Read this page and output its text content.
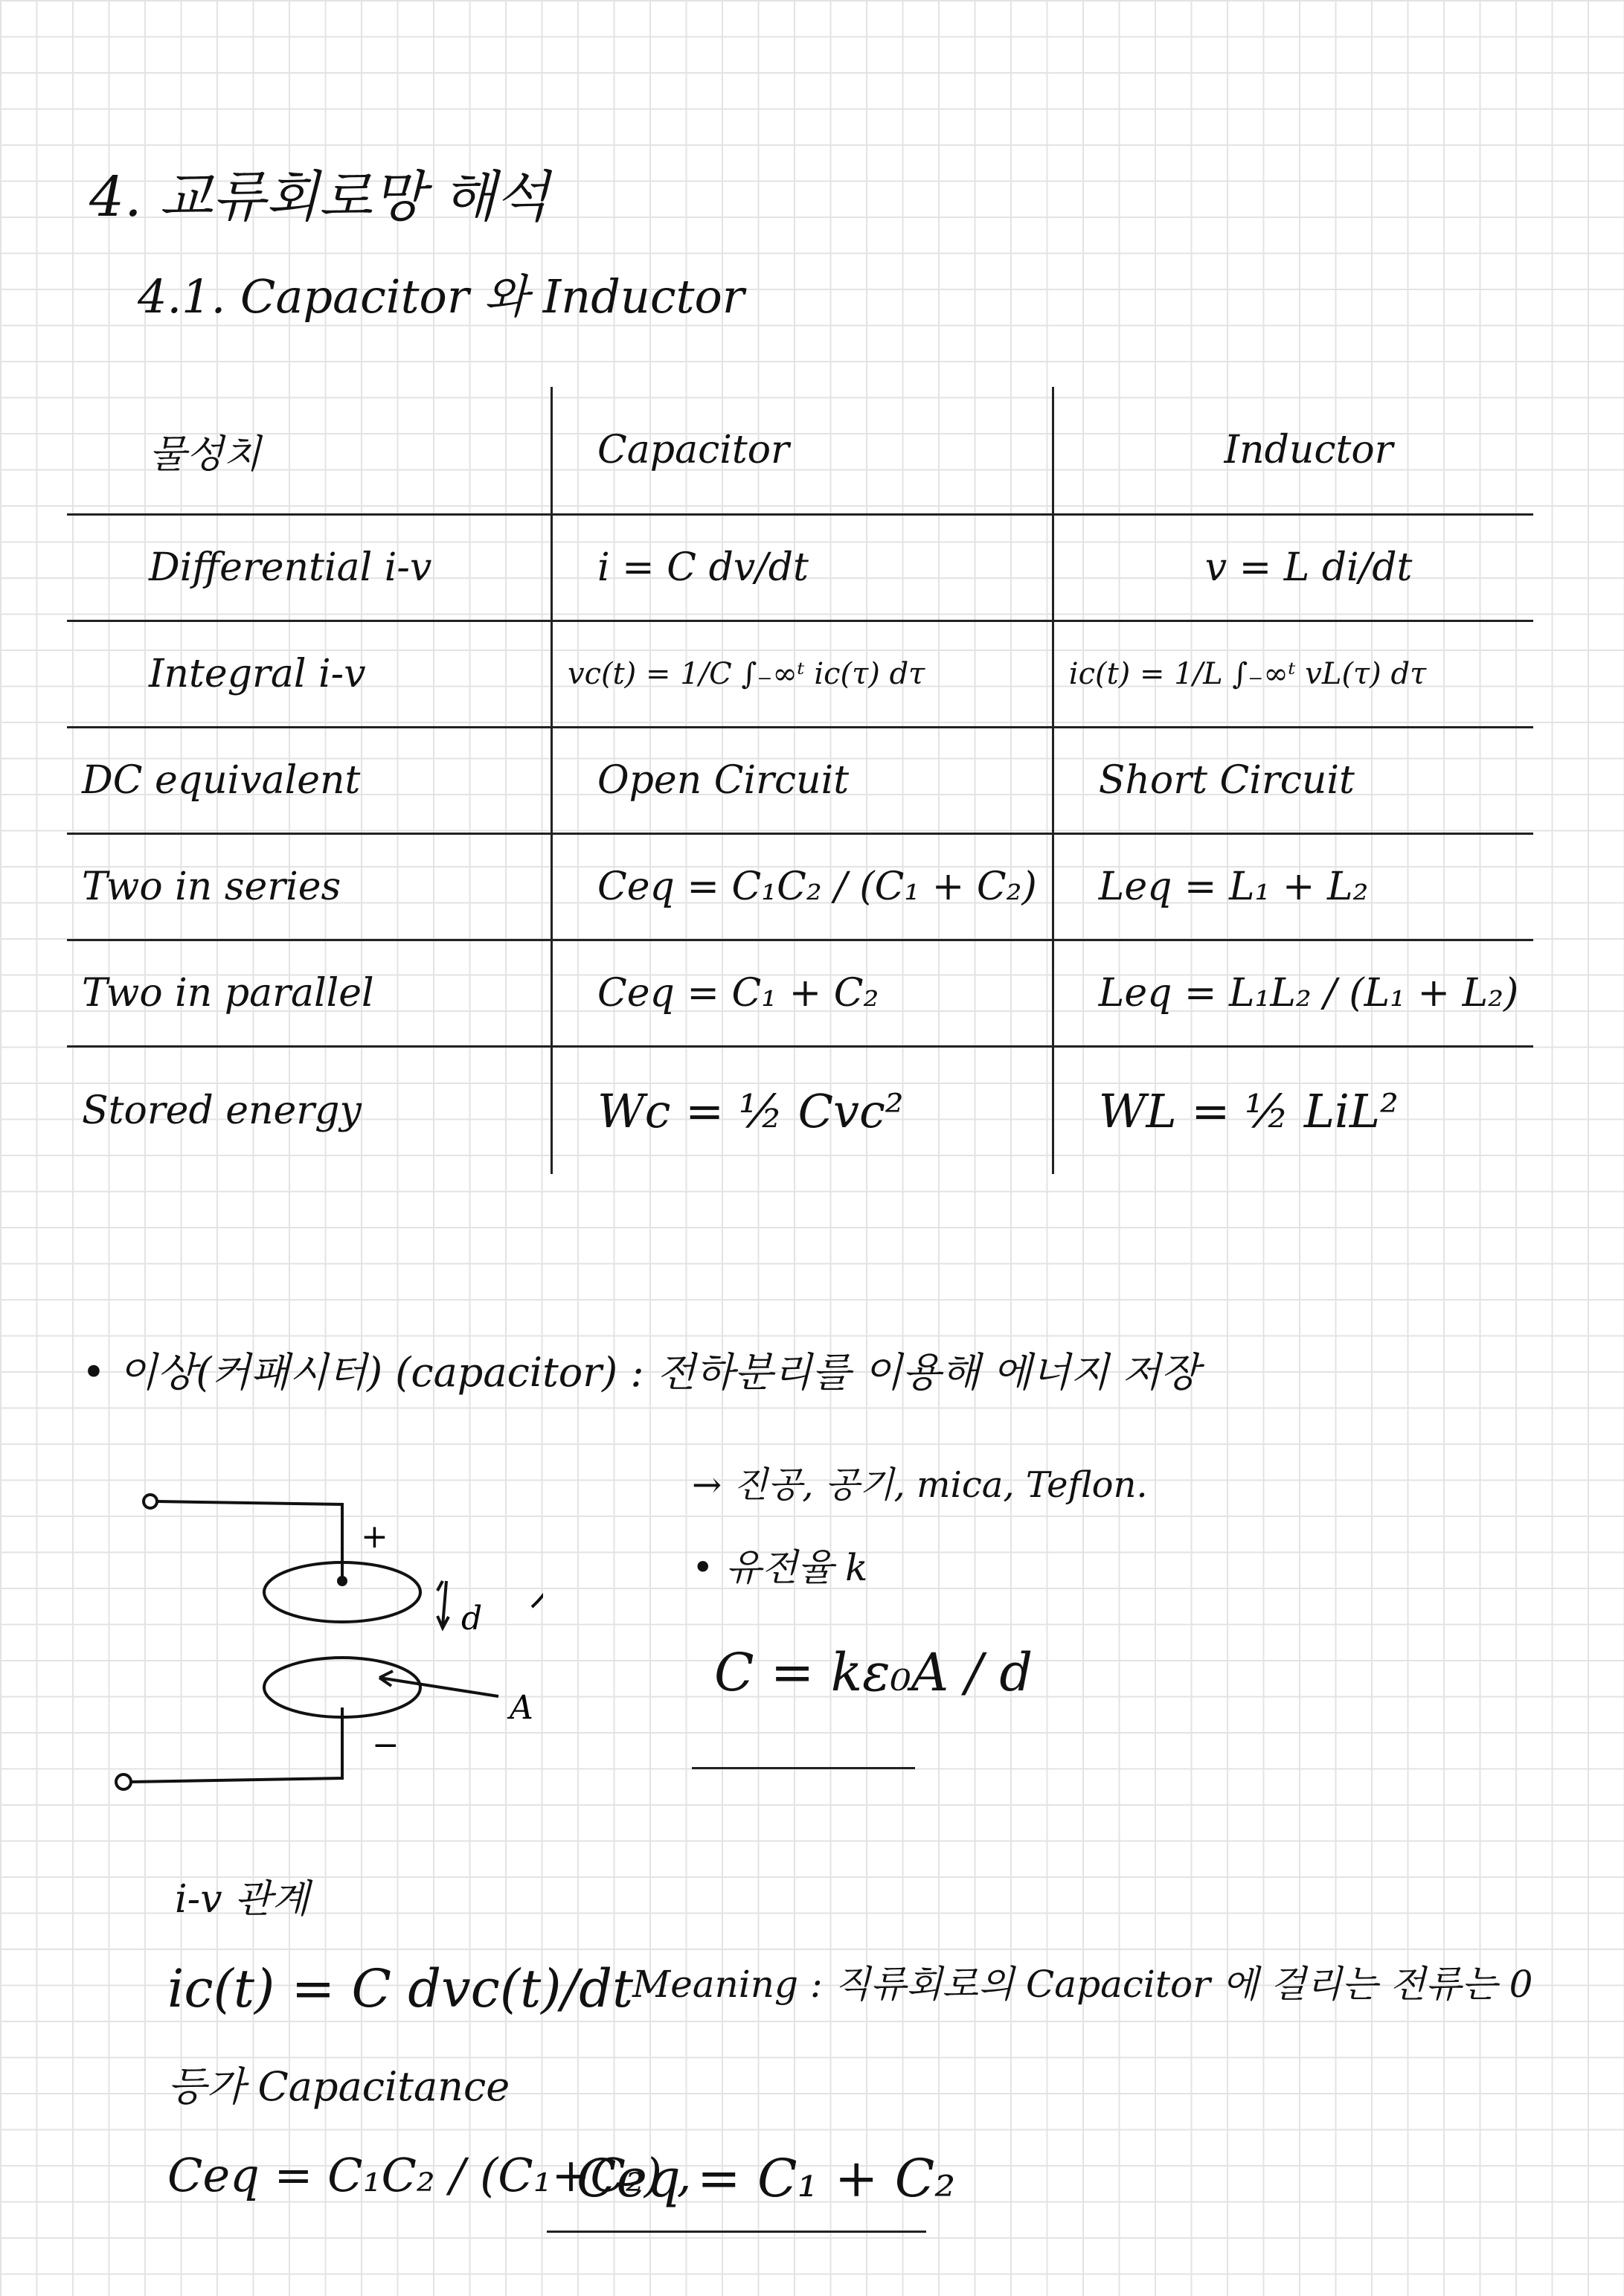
4. 교류회로망 해석
4.1. Capacitor 와 Inductor
물성치	Capacitor	Inductor
Differential i-v	i = C dv/dt	v = L di/dt
Integral i-v	vc(t) = 1/C ∫₋∞ᵗ ic(τ) dτ	ic(t) = 1/L ∫₋∞ᵗ vL(τ) dτ
DC equivalent	Open Circuit	Short Circuit
Two in series	Ceq = C₁C₂ / (C₁ + C₂)	Leq = L₁ + L₂
Two in parallel	Ceq = C₁ + C₂	Leq = L₁L₂ / (L₁ + L₂)
Stored energy	Wc = ½ Cvc²	WL = ½ LiL²
• 이상(커패시터) (capacitor) : 전하분리를 이용해 에너지 저장
+
−
d
A
→ 진공, 공기, mica, Teflon.
• 유전율 k
C = kε₀A / d
i-v 관계
ic(t) = C dvc(t)/dt
Meaning : 직류회로의 Capacitor 에 걸리는 전류는 0
등가 Capacitance
Ceq = C₁C₂ / (C₁+C₂) ,
Ceq = C₁ + C₂
